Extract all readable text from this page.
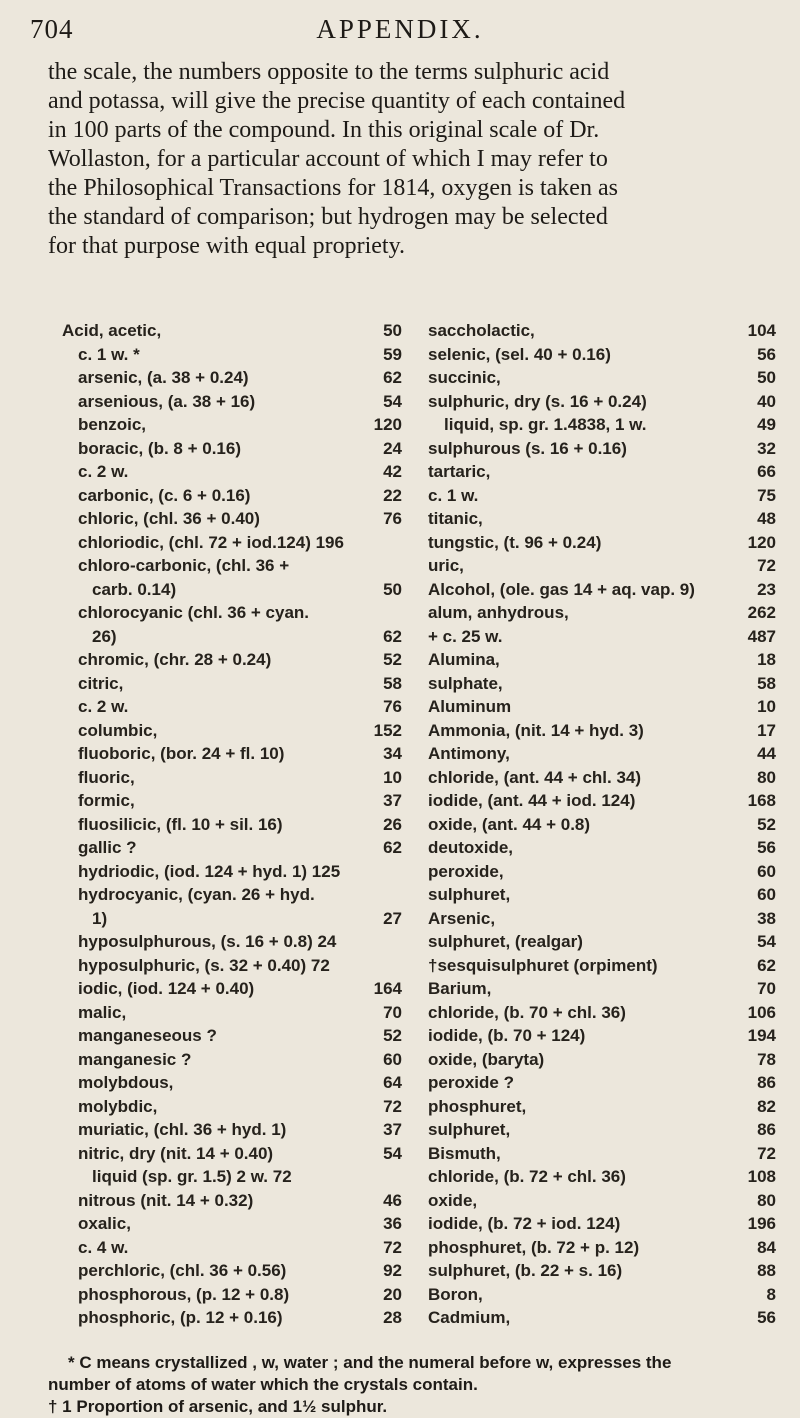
APPENDIX.
704
the scale, the numbers opposite to the terms sulphuric acid
and potassa, will give the precise quantity of each contained
in 100 parts of the compound. In this original scale of Dr.
Wollaston, for a particular account of which I may refer to
the Philosophical Transactions for 1814, oxygen is taken as
the standard of comparison; but hydrogen may be selected
for that purpose with equal propriety.
Acid, acetic,	50
c. 1 w. *	59
arsenic, (a. 38 + 0.24)	62
arsenious, (a. 38 + 16)	54
benzoic,	120
boracic, (b. 8 + 0.16)	24
c. 2 w.	42
carbonic, (c. 6 + 0.16)	22
chloric, (chl. 36 + 0.40)	76
chloriodic, (chl. 72 + iod.124) 196
chloro-carbonic, (chl. 36 +
carb. 0.14)	50
chlorocyanic (chl. 36 + cyan.
26)	62
chromic, (chr. 28 + 0.24)	52
citric,	58
c. 2 w.	76
columbic,	152
fluoboric, (bor. 24 + fl. 10)	34
fluoric,	10
formic,	37
fluosilicic, (fl. 10 + sil. 16)	26
gallic ?	62
hydriodic, (iod. 124 + hyd. 1) 125
hydrocyanic, (cyan. 26 + hyd.
1)	27
hyposulphurous, (s. 16 + 0.8) 24
hyposulphuric, (s. 32 + 0.40) 72
iodic, (iod. 124 + 0.40)	164
malic,	70
manganeseous ?	52
manganesic ?	60
molybdous,	64
molybdic,	72
muriatic, (chl. 36 + hyd. 1)	37
nitric, dry (nit. 14 + 0.40)	54
liquid (sp. gr. 1.5) 2 w. 72
nitrous (nit. 14 + 0.32)	46
oxalic,	36
c. 4 w.	72
perchloric, (chl. 36 + 0.56)	92
phosphorous, (p. 12 + 0.8)	20
phosphoric, (p. 12 + 0.16)	28
saccholactic,	104
selenic, (sel. 40 + 0.16)	56
succinic,	50
sulphuric, dry (s. 16 + 0.24)	40
liquid, sp. gr. 1.4838, 1 w.	49
sulphurous (s. 16 + 0.16)	32
tartaric,	66
c. 1 w.	75
titanic,	48
tungstic, (t. 96 + 0.24)	120
uric,	72
Alcohol, (ole. gas 14 + aq. vap. 9)	23
alum, anhydrous,	262
+ c. 25 w.	487
Alumina,	18
sulphate,	58
Aluminum	10
Ammonia, (nit. 14 + hyd. 3)	17
Antimony,	44
chloride, (ant. 44 + chl. 34)	80
iodide, (ant. 44 + iod. 124)	168
oxide, (ant. 44 + 0.8)	52
deutoxide,	56
peroxide,	60
sulphuret,	60
Arsenic,	38
sulphuret, (realgar)	54
†sesquisulphuret (orpiment)	62
Barium,	70
chloride, (b. 70 + chl. 36)	106
iodide, (b. 70 + 124)	194
oxide, (baryta)	78
peroxide ?	86
phosphuret,	82
sulphuret,	86
Bismuth,	72
chloride, (b. 72 + chl. 36)	108
oxide,	80
iodide, (b. 72 + iod. 124)	196
phosphuret, (b. 72 + p. 12)	84
sulphuret, (b. 22 + s. 16)	88
Boron,	8
Cadmium,	56
* C means crystallized , w, water ; and the numeral before w, expresses the
number of atoms of water which the crystals contain.
† 1 Proportion of arsenic, and 1½ sulphur.
